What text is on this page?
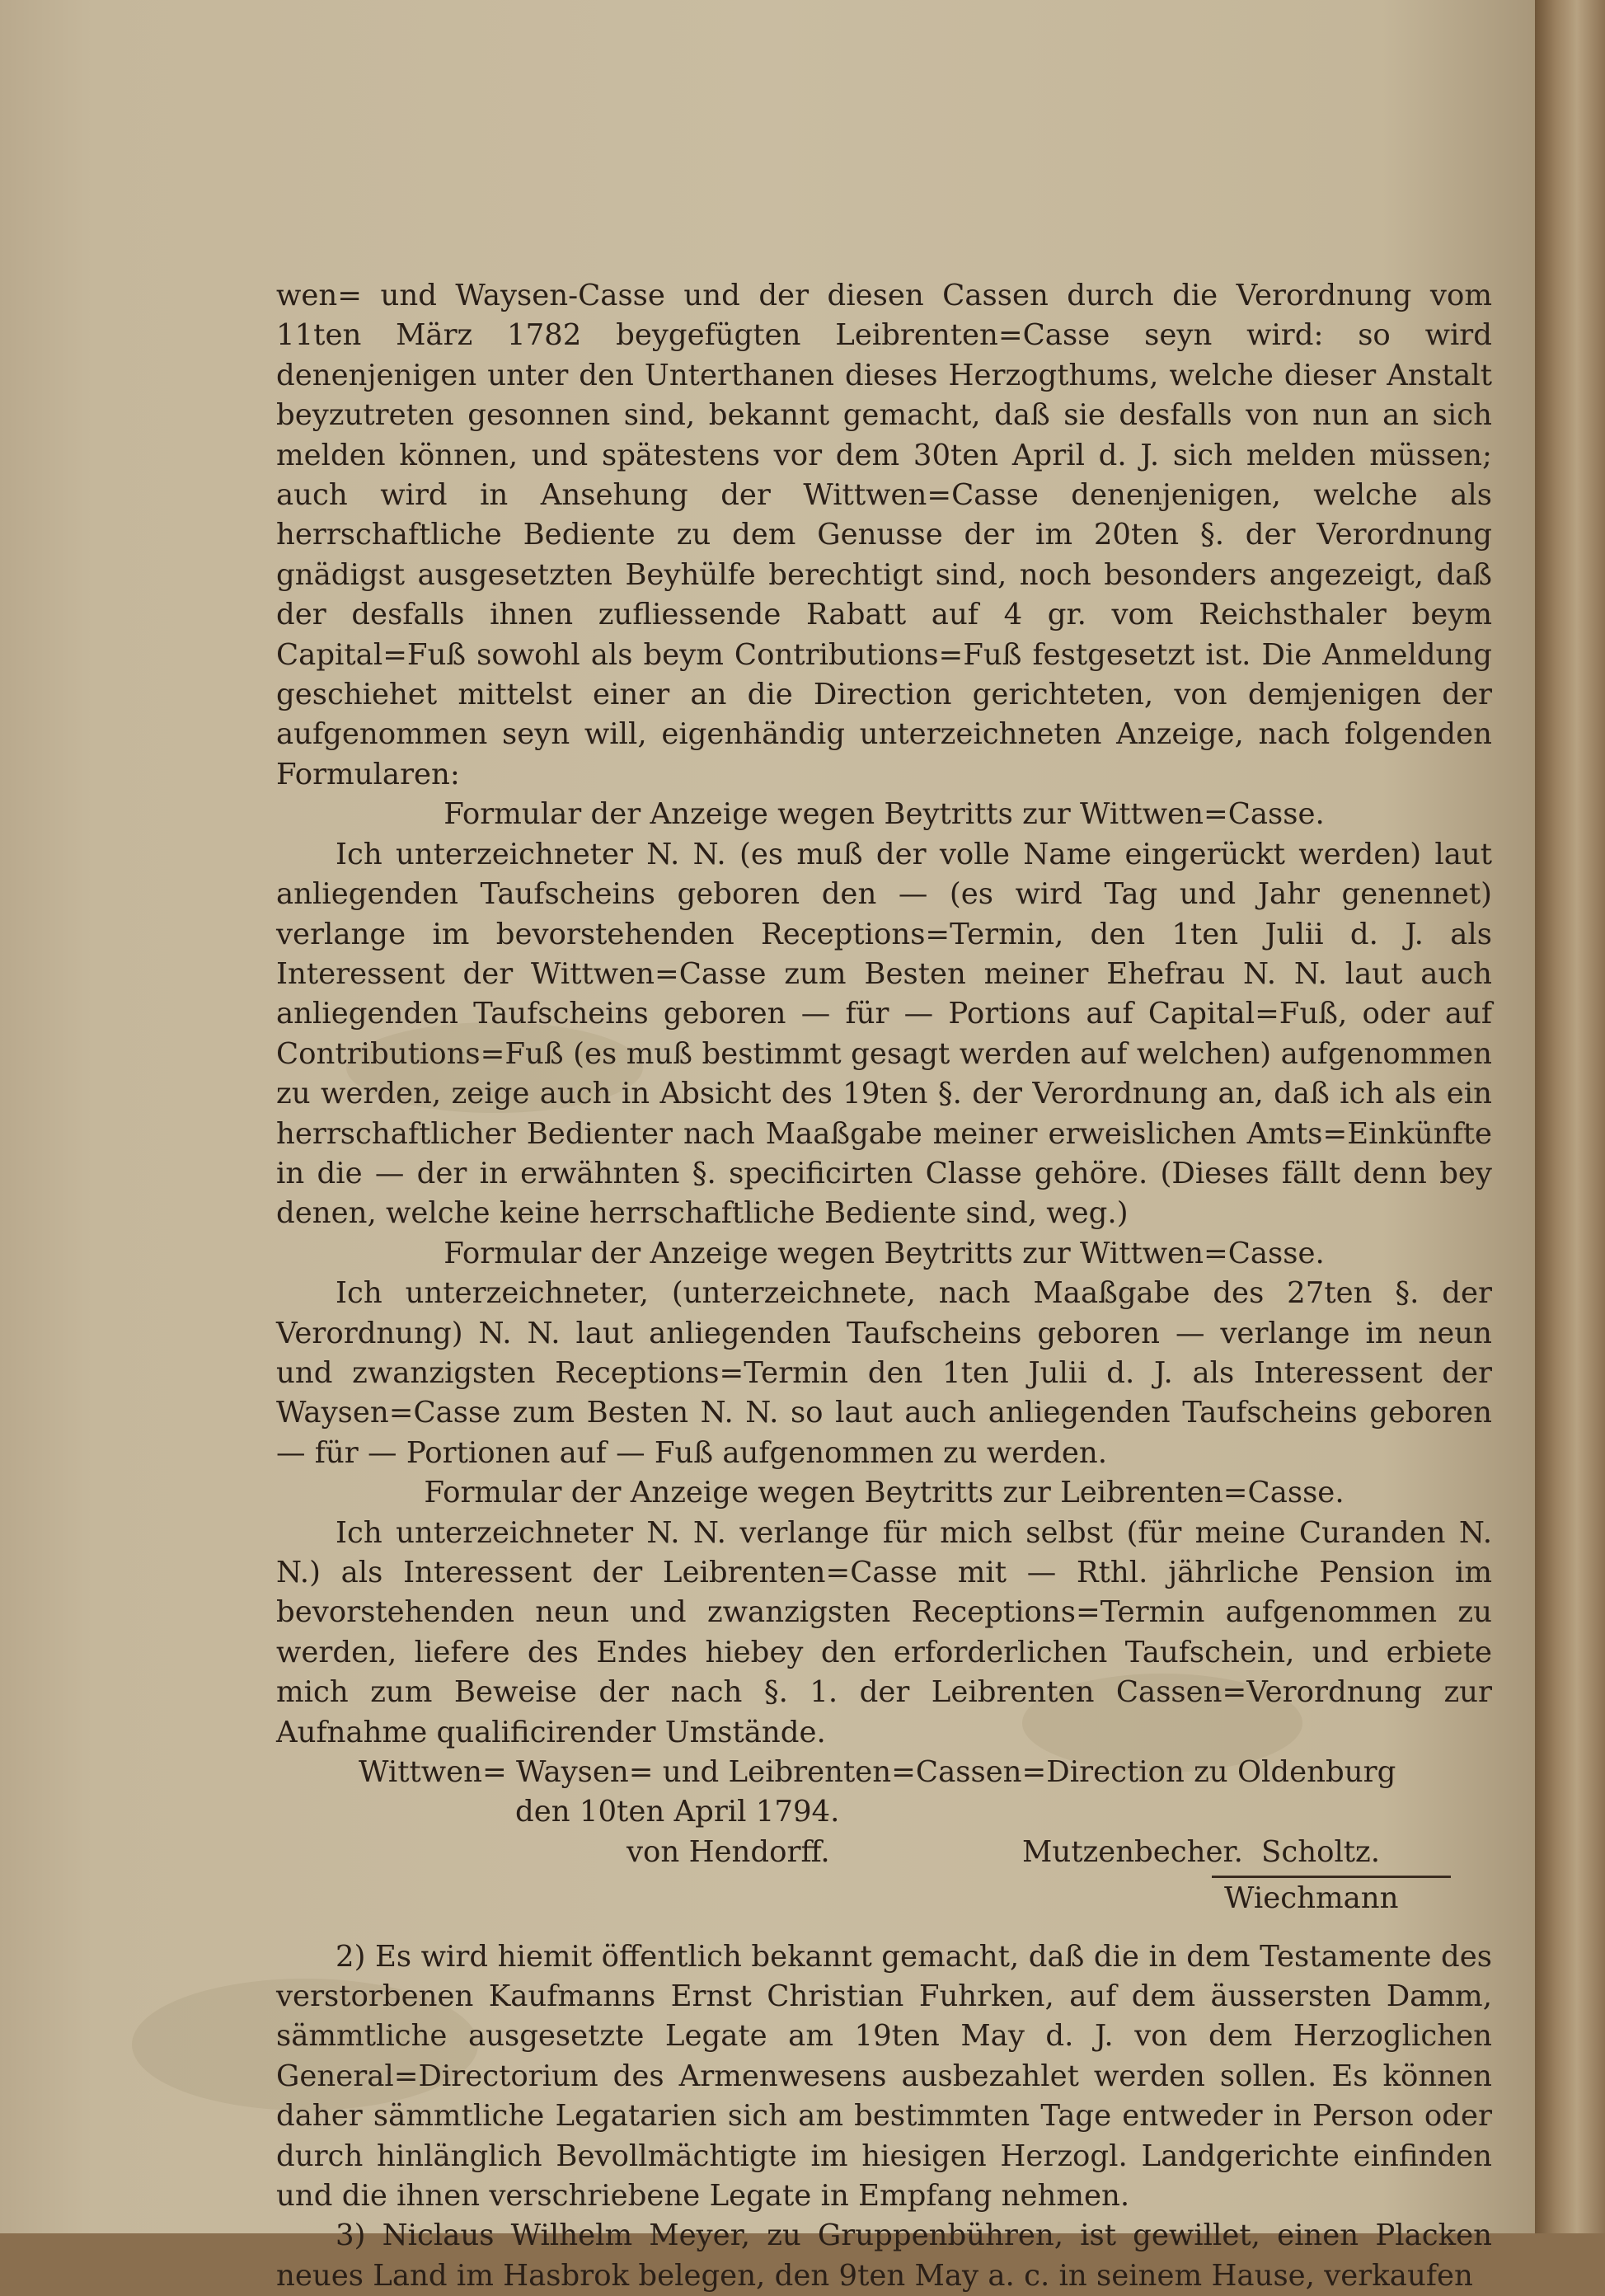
wen= und Waysen-Casse und der diesen Cassen durch die Verordnung vom 11ten März 1782 beygefügten Leibrenten=Casse seyn wird: so wird denenjenigen unter den Unterthanen dieses Herzogthums, welche dieser Anstalt beyzutreten gesonnen sind, bekannt gemacht, daß sie desfalls von nun an sich melden können, und spätestens vor dem 30ten April d. J. sich melden müssen; auch wird in Ansehung der Wittwen=Casse denenjenigen, welche als herrschaftliche Bediente zu dem Genusse der im 20ten §. der Verordnung gnädigst ausgesetzten Beyhülfe berechtigt sind, noch besonders angezeigt, daß der desfalls ihnen zufliessende Rabatt auf 4 gr. vom Reichsthaler beym Capital=Fuß sowohl als beym Contributions=Fuß festgesetzt ist. Die Anmeldung geschiehet mittelst einer an die Direction gerichteten, von demjenigen der aufgenommen seyn will, eigenhändig unterzeichneten Anzeige, nach folgenden Formularen:

Formular der Anzeige wegen Beytritts zur Wittwen=Casse.

Ich unterzeichneter N. N. (es muß der volle Name eingerückt werden) laut anliegenden Taufscheins geboren den — (es wird Tag und Jahr genennet) verlange im bevorstehenden Receptions=Termin, den 1ten Julii d. J. als Interessent der Wittwen=Casse zum Besten meiner Ehefrau N. N. laut auch anliegenden Taufscheins geboren — für — Portions auf Capital=Fuß, oder auf Contributions=Fuß (es muß bestimmt gesagt werden auf welchen) aufgenommen zu werden, zeige auch in Absicht des 19ten §. der Verordnung an, daß ich als ein herrschaftlicher Bedienter nach Maaßgabe meiner erweislichen Amts=Einkünfte in die — der in erwähnten §. specificirten Classe gehöre. (Dieses fällt denn bey denen, welche keine herrschaftliche Bediente sind, weg.)

Formular der Anzeige wegen Beytritts zur Wittwen=Casse.

Ich unterzeichneter, (unterzeichnete, nach Maaßgabe des 27ten §. der Verordnung) N. N. laut anliegenden Taufscheins geboren — verlange im neun und zwanzigsten Receptions=Termin den 1ten Julii d. J. als Interessent der Waysen=Casse zum Besten N. N. so laut auch anliegenden Taufscheins geboren — für — Portionen auf — Fuß aufgenommen zu werden.

Formular der Anzeige wegen Beytritts zur Leibrenten=Casse.

Ich unterzeichneter N. N. verlange für mich selbst (für meine Curanden N. N.) als Interessent der Leibrenten=Casse mit — Rthl. jährliche Pension im bevorstehenden neun und zwanzigsten Receptions=Termin aufgenommen zu werden, liefere des Endes hiebey den erforderlichen Taufschein, und erbiete mich zum Beweise der nach §. 1. der Leibrenten Cassen=Verordnung zur Aufnahme qualificirender Umstände.

Wittwen= Waysen= und Leibrenten=Cassen=Direction zu Oldenburg

den 10ten April 1794.

von Hendorff.	Mutzenbecher. Scholtz.
Wiechmann

2) Es wird hiemit öffentlich bekannt gemacht, daß die in dem Testamente des verstorbenen Kaufmanns Ernst Christian Fuhrken, auf dem äussersten Damm, sämmtliche ausgesetzte Legate am 19ten May d. J. von dem Herzoglichen General=Directorium des Armenwesens ausbezahlet werden sollen. Es können daher sämmtliche Legatarien sich am bestimmten Tage entweder in Person oder durch hinlänglich Bevollmächtigte im hiesigen Herzogl. Landgerichte einfinden und die ihnen verschriebene Legate in Empfang nehmen.

3) Niclaus Wilhelm Meyer, zu Gruppenbühren, ist gewillet, einen Placken neues Land im Hasbrok belegen, den 9ten May a. c. in seinem Hause, verkaufen
